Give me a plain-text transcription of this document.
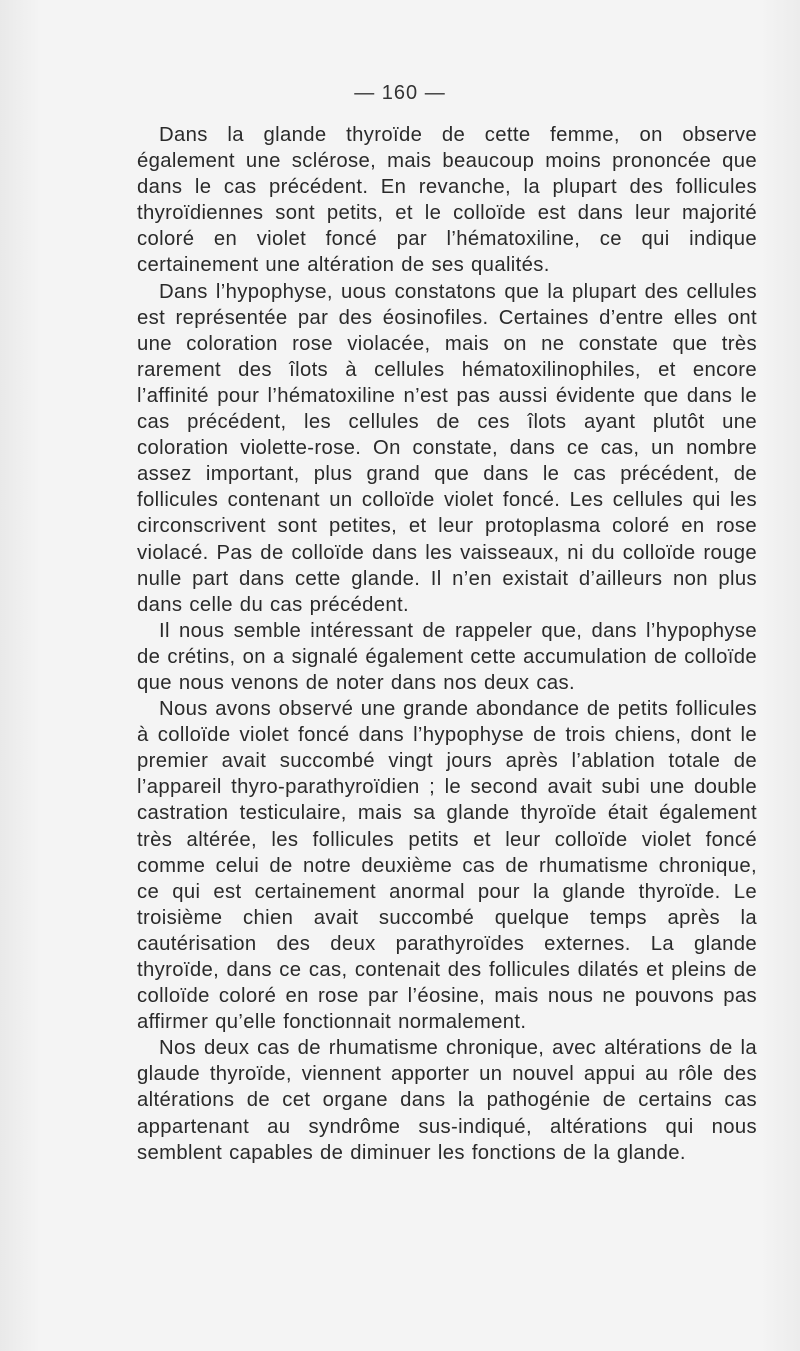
— 160 —

Dans la glande thyroïde de cette femme, on observe également une sclérose, mais beaucoup moins prononcée que dans le cas précédent. En revanche, la plupart des follicules thyroïdiennes sont petits, et le colloïde est dans leur majorité coloré en violet foncé par l’hématoxiline, ce qui indique certainement une altération de ses qualités.

Dans l’hypophyse, uous constatons que la plupart des cellules est représentée par des éosinofiles. Certaines d’entre elles ont une coloration rose violacée, mais on ne constate que très rarement des îlots à cellules hématoxilinophiles, et encore l’affinité pour l’hématoxiline n’est pas aussi évidente que dans le cas précédent, les cellules de ces îlots ayant plutôt une coloration violette-rose. On constate, dans ce cas, un nombre assez important, plus grand que dans le cas précédent, de follicules contenant un colloïde violet foncé. Les cellules qui les circonscrivent sont petites, et leur protoplasma coloré en rose violacé. Pas de colloïde dans les vaisseaux, ni du colloïde rouge nulle part dans cette glande. Il n’en existait d’ailleurs non plus dans celle du cas précédent.

Il nous semble intéressant de rappeler que, dans l’hypophyse de crétins, on a signalé également cette accumulation de colloïde que nous venons de noter dans nos deux cas.

Nous avons observé une grande abondance de petits follicules à colloïde violet foncé dans l’hypophyse de trois chiens, dont le premier avait succombé vingt jours après l’ablation totale de l’appareil thyro-parathyroïdien ; le second avait subi une double castration testiculaire, mais sa glande thyroïde était également très altérée, les follicules petits et leur colloïde violet foncé comme celui de notre deuxième cas de rhumatisme chronique, ce qui est certainement anormal pour la glande thyroïde. Le troisième chien avait succombé quelque temps après la cautérisation des deux parathyroïdes externes. La glande thyroïde, dans ce cas, contenait des follicules dilatés et pleins de colloïde coloré en rose par l’éosine, mais nous ne pouvons pas affirmer qu’elle fonctionnait normalement.

Nos deux cas de rhumatisme chronique, avec altérations de la glaude thyroïde, viennent apporter un nouvel appui au rôle des altérations de cet organe dans la pathogénie de certains cas appartenant au syndrôme sus-indiqué, altérations qui nous semblent capables de diminuer les fonctions de la glande.
